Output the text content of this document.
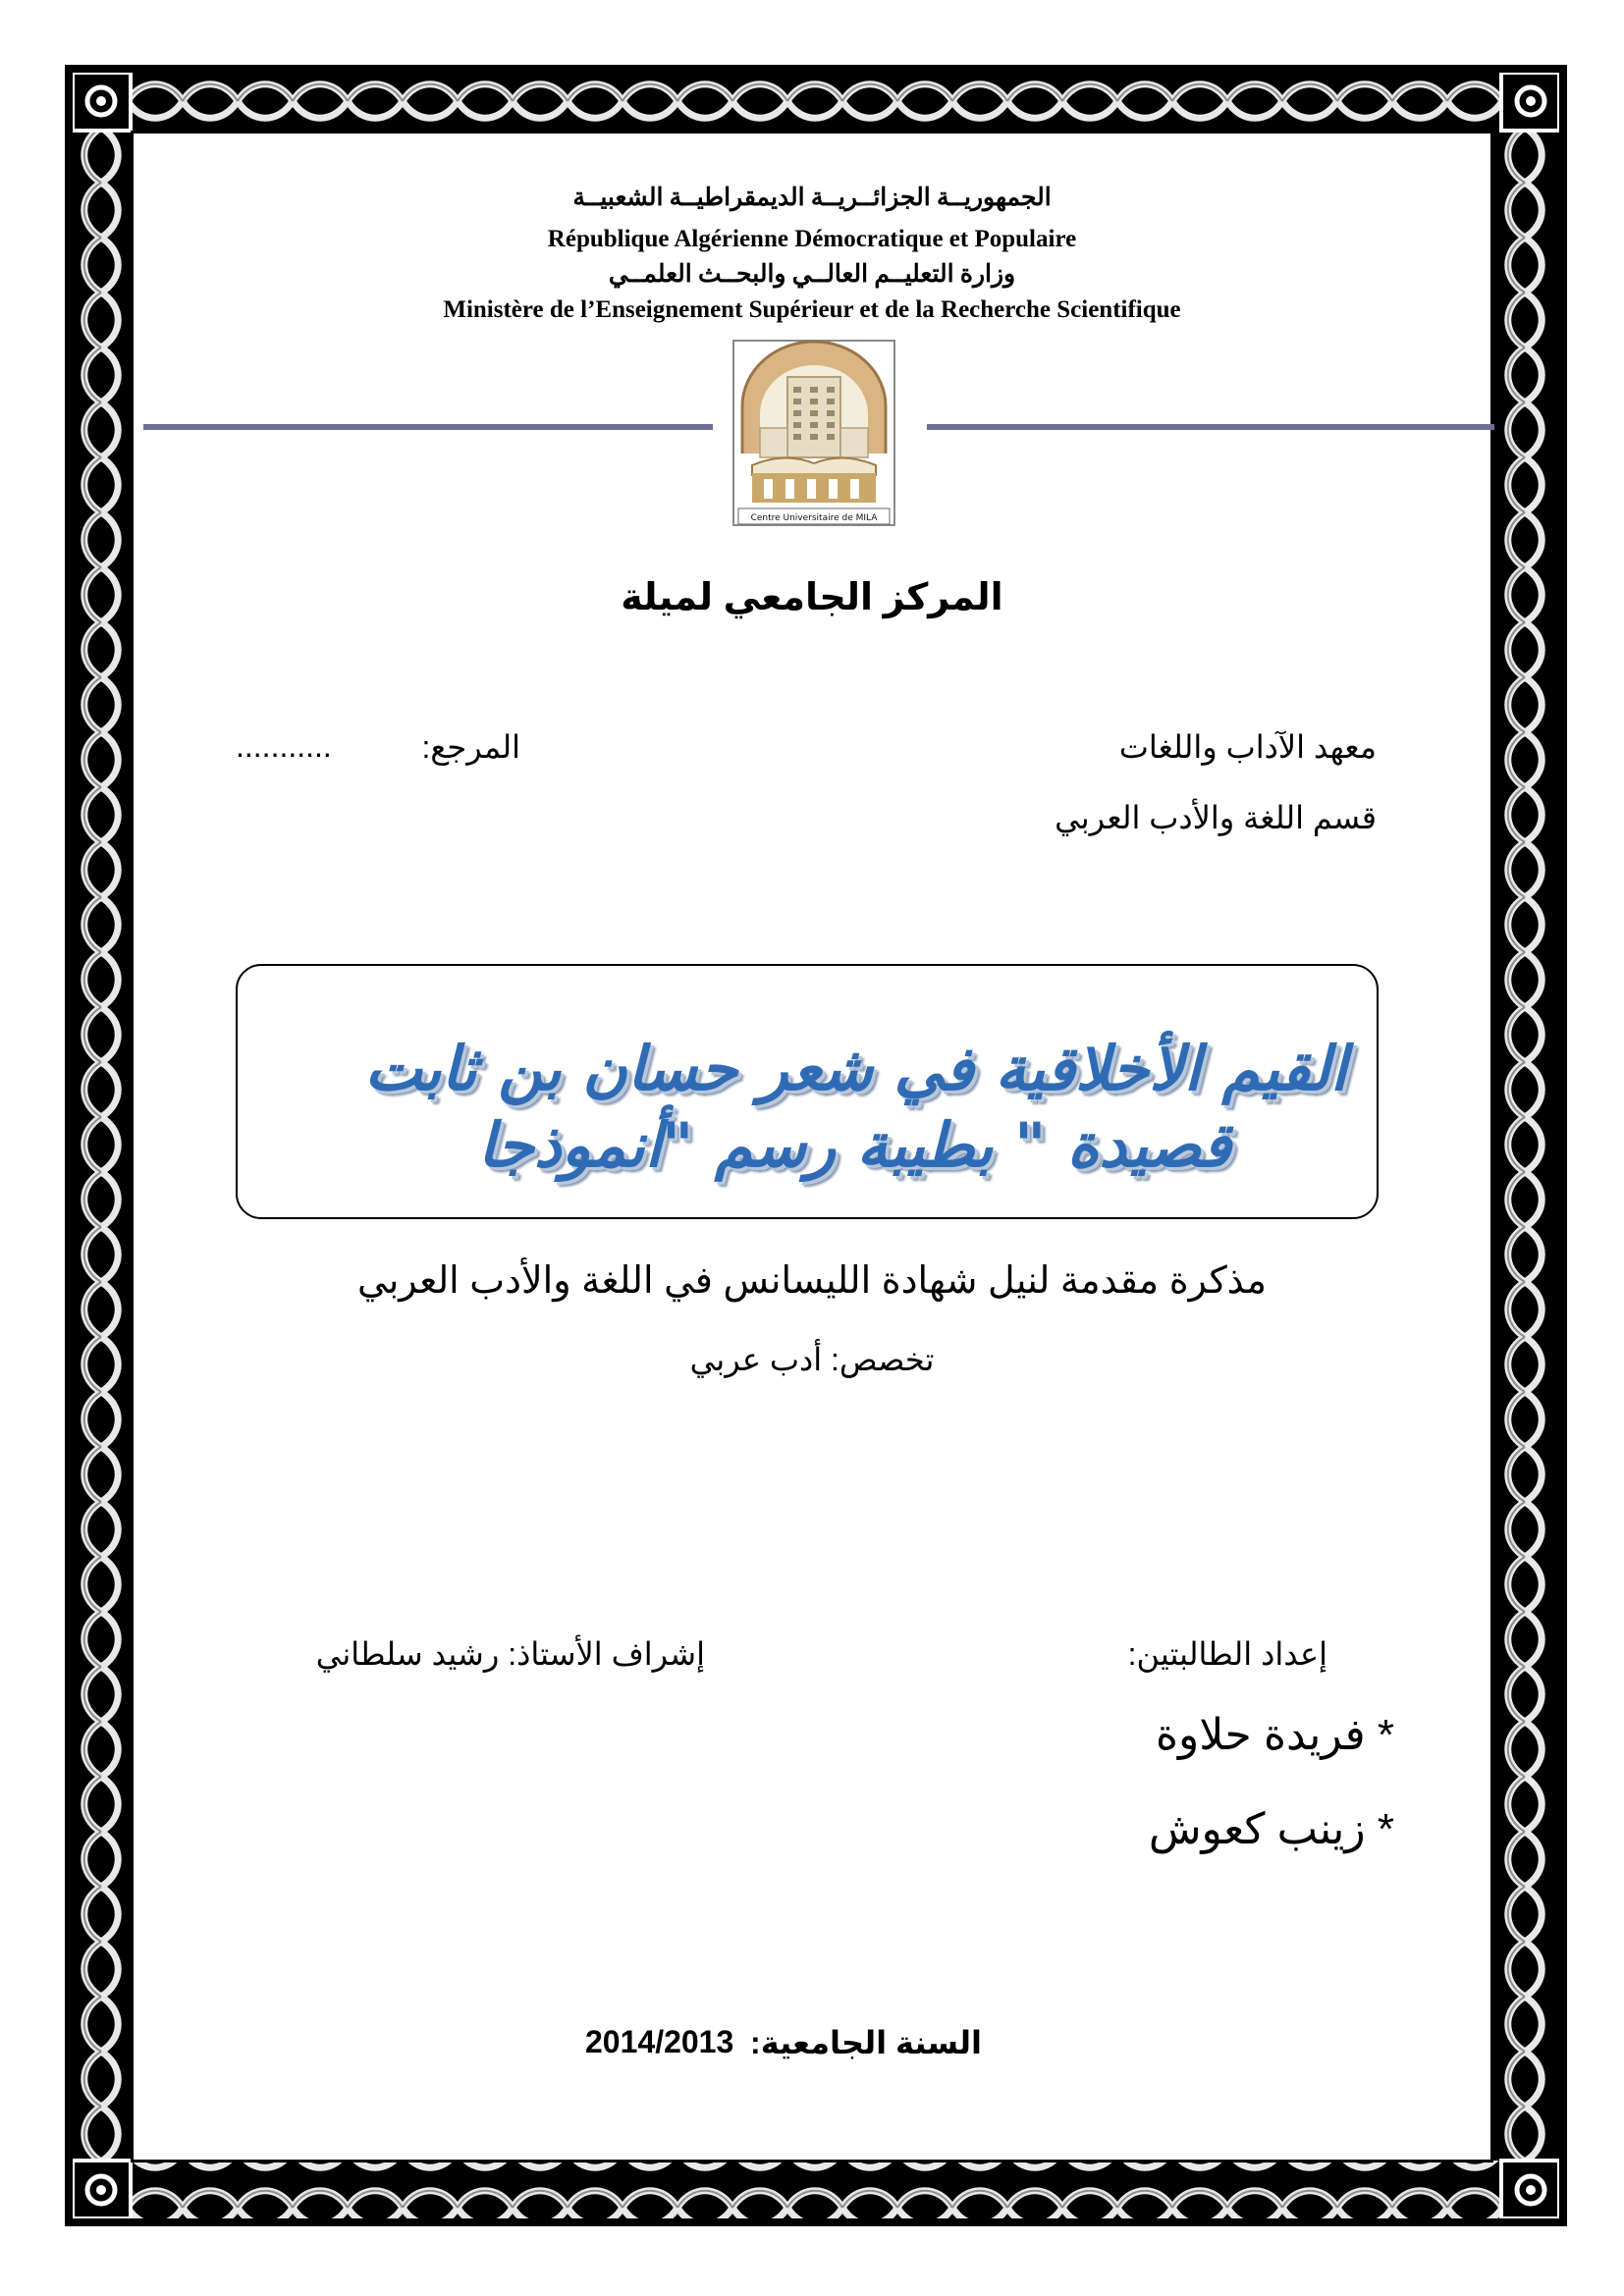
الجمهوريــة الجزائــريــة الديمقراطيــة الشعبيــة
République Algérienne Démocratique et Populaire
وزارة التعليــم العالــي والبحــث العلمــي
Ministère de l’Enseignement Supérieur et de la Recherche Scientifique
Centre Universitaire de MILA
المركز الجامعي لميلة
معهد الآداب واللغات
قسم اللغة والأدب العربي
المرجع:
...........
القيم الأخلاقية في شعر حسان بن ثابت
قصيدة " بطيبة رسم "أنموذجا
مذكرة مقدمة لنيل شهادة الليسانس في اللغة والأدب العربي
تخصص: أدب عربي
إعداد الطالبتين:
إشراف الأستاذ: رشيد سلطاني
* فريدة حلاوة
* زينب كعوش
السنة الجامعية:
2014/2013
